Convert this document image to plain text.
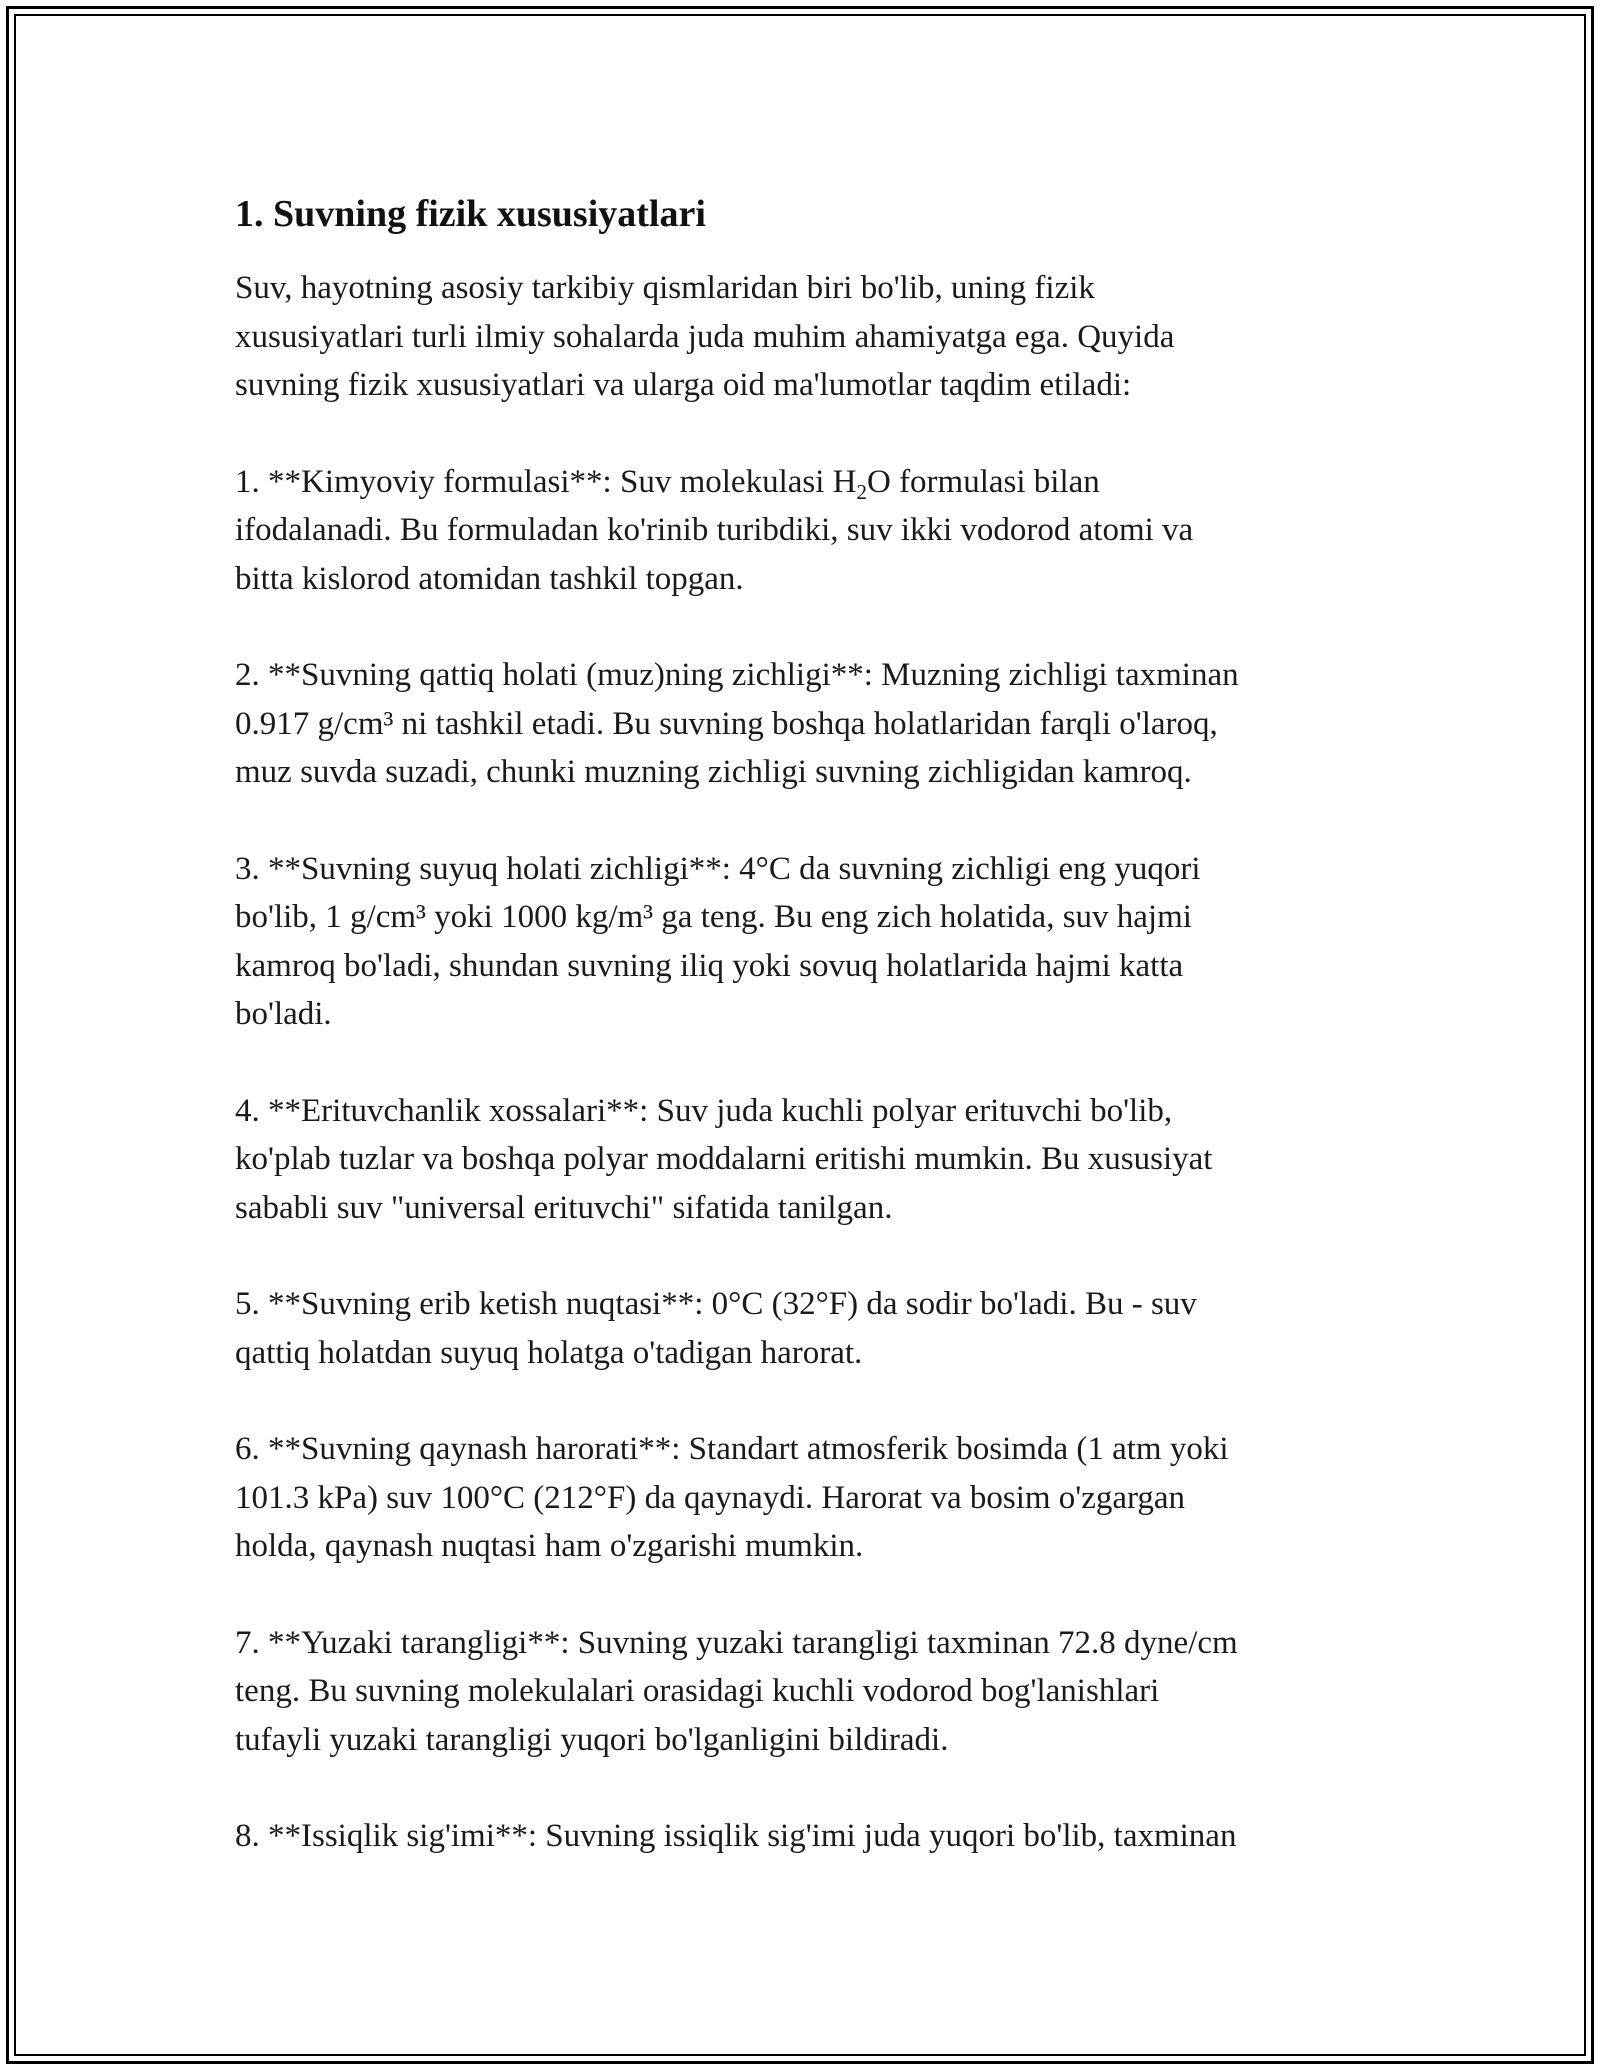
1. Suvning fizik xususiyatlari

Suv, hayotning asosiy tarkibiy qismlaridan biri bo'lib, uning fizik
xususiyatlari turli ilmiy sohalarda juda muhim ahamiyatga ega. Quyida
suvning fizik xususiyatlari va ularga oid ma'lumotlar taqdim etiladi:

1. **Kimyoviy formulasi**: Suv molekulasi $H_2O$ formulasi bilan
ifodalanadi. Bu formuladan ko'rinib turibdiki, suv ikki vodorod atomi va
bitta kislorod atomidan tashkil topgan.

2. **Suvning qattiq holati (muz)ning zichligi**: Muzning zichligi taxminan
0.917 g/cm³ ni tashkil etadi. Bu suvning boshqa holatlaridan farqli o'laroq,
muz suvda suzadi, chunki muzning zichligi suvning zichligidan kamroq.

3. **Suvning suyuq holati zichligi**: 4°C da suvning zichligi eng yuqori
bo'lib, 1 g/cm³ yoki 1000 kg/m³ ga teng. Bu eng zich holatida, suv hajmi
kamroq bo'ladi, shundan suvning iliq yoki sovuq holatlarida hajmi katta
bo'ladi.

4. **Erituvchanlik xossalari**: Suv juda kuchli polyar erituvchi bo'lib,
ko'plab tuzlar va boshqa polyar moddalarni eritishi mumkin. Bu xususiyat
sababli suv "universal erituvchi" sifatida tanilgan.

5. **Suvning erib ketish nuqtasi**: 0°C (32°F) da sodir bo'ladi. Bu - suv
qattiq holatdan suyuq holatga o'tadigan harorat.

6. **Suvning qaynash harorati**: Standart atmosferik bosimda (1 atm yoki
101.3 kPa) suv 100°C (212°F) da qaynaydi. Harorat va bosim o'zgargan
holda, qaynash nuqtasi ham o'zgarishi mumkin.

7. **Yuzaki tarangligi**: Suvning yuzaki tarangligi taxminan 72.8 dyne/cm
teng. Bu suvning molekulalari orasidagi kuchli vodorod bog'lanishlari
tufayli yuzaki tarangligi yuqori bo'lganligini bildiradi.

8. **Issiqlik sig'imi**: Suvning issiqlik sig'imi juda yuqori bo'lib, taxminan
